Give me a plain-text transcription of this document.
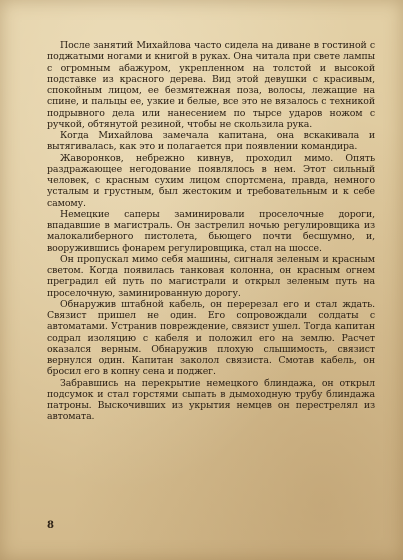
После занятий Михайлова часто сидела на диване в гостиной с поджатыми ногами и книгой в руках. Она читала при свете лампы с огромным абажуром, укрепленном на толстой и высокой подставке из красного дерева. Вид этой девушки с красивым, спокойным лицом, ее безмятежная поза, волосы, лежащие на спине, и пальцы ее, узкие и белые, все это не вязалось с техникой подрывного дела или нанесением по тырсе ударов ножом с ручкой, обтянутой резиной, чтобы не скользила рука.

Когда Михайлова замечала капитана, она вскакивала и вытягивалась, как это и полагается при появлении командира.

Жаворонков, небрежно кивнув, проходил мимо. Опять раздражающее негодование появлялось в нем. Этот сильный человек, с красным сухим лицом спортсмена, правда, немного усталым и грустным, был жестоким и требовательным и к себе самому.

Немецкие саперы заминировали проселочные дороги, впадавшие в магистраль. Он застрелил ночью регулировщика из малокалиберного пистолета, бьющего почти бесшумно, и, вооружившись фонарем регулировщика, стал на шоссе.

Он пропускал мимо себя машины, сигналя зеленым и красным светом. Когда появилась танковая колонна, он красным огнем преградил ей путь по магистрали и открыл зеленым путь на проселочную, заминированную дорогу.

Обнаружив штабной кабель, он перерезал его и стал ждать. Связист пришел не один. Его сопровождали солдаты с автоматами. Устранив повреждение, связист ушел. Тогда капитан содрал изоляцию с кабеля и положил его на землю. Расчет оказался верным. Обнаружив плохую слышимость, связист вернулся один. Капитан заколол связиста. Смотав кабель, он бросил его в копну сена и поджег.

Забравшись на перекрытие немецкого блиндажа, он открыл подсумок и стал горстями сыпать в дымоходную трубу блиндажа патроны. Выскочивших из укрытия немцев он перестрелял из автомата.

8
